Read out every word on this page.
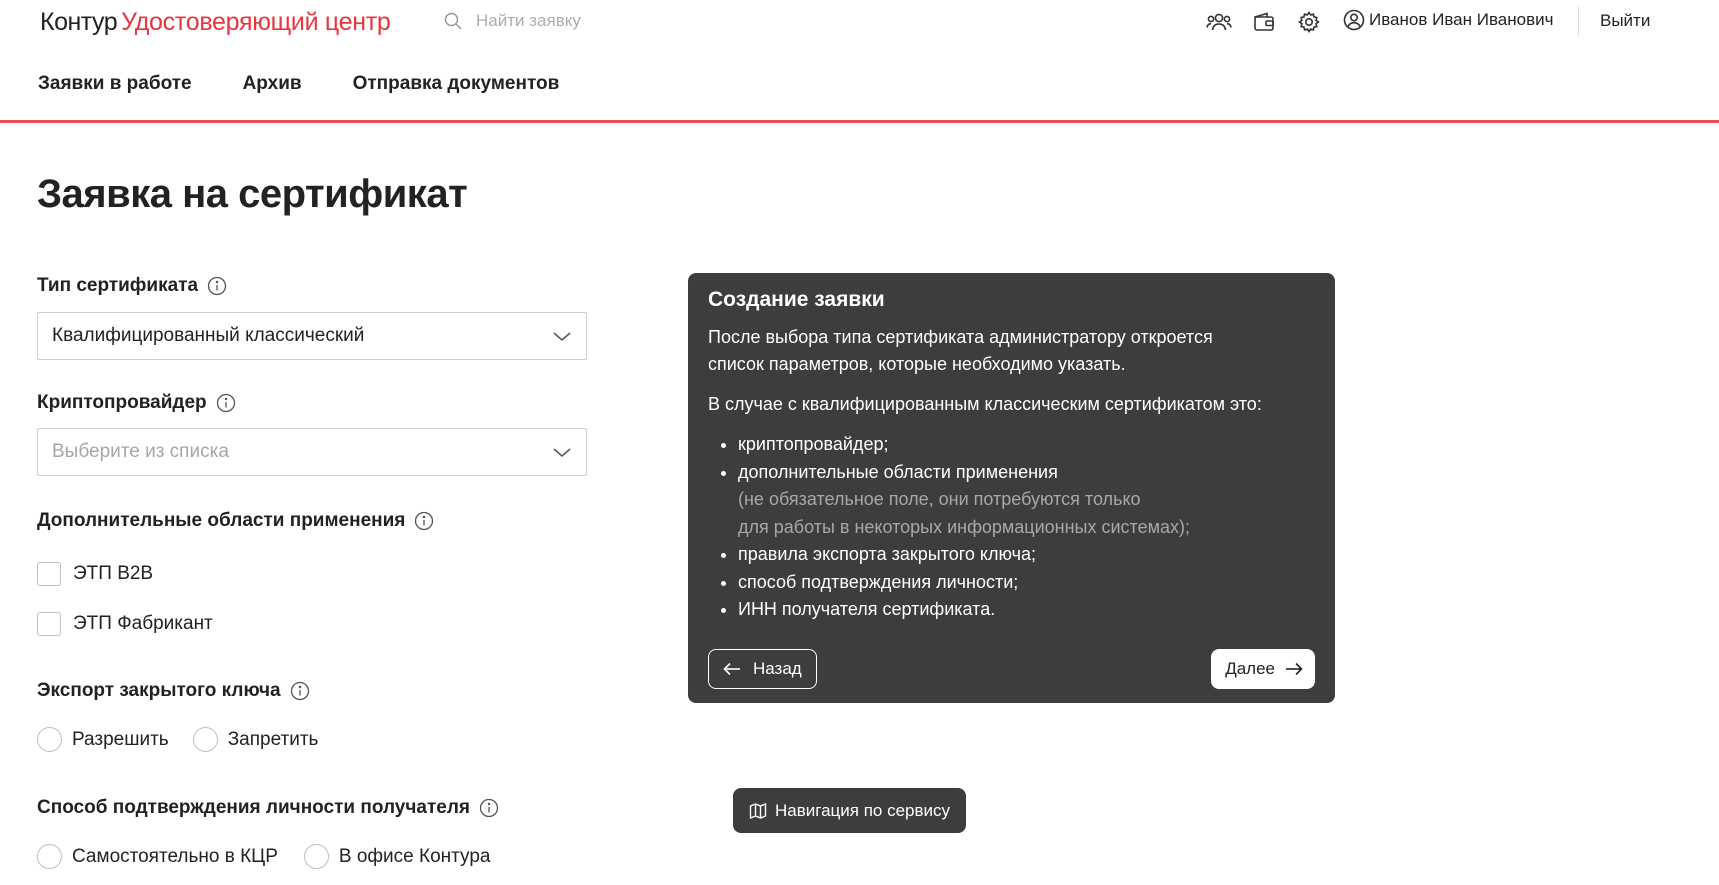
Контур Удостоверяющий центр
Найти заявку	Иванов Иван Иванович	Выйти
Заявки в работе	Архив	Отправка документов
Заявка на сертификат
Тип сертификата
Квалифицированный классический
Криптопровайдер
Выберите из списка
Дополнительные области применения
ЭТП B2B
ЭТП Фабрикант
Экспорт закрытого ключа
Разрешить	Запретить
Способ подтверждения личности получателя
Самостоятельно в КЦР	В офисе Контура
Создание заявки

После выбора типа сертификата администратору откроется
список параметров, которые необходимо указать.

В случае с квалифицированным классическим сертификатом это:

• криптопровайдер;
• дополнительные области применения
(не обязательное поле, они потребуются только
для работы в некоторых информационных системах);
• правила экспорта закрытого ключа;
• способ подтверждения личности;
• ИНН получателя сертификата.
Назад	Далее
Навигация по сервису
